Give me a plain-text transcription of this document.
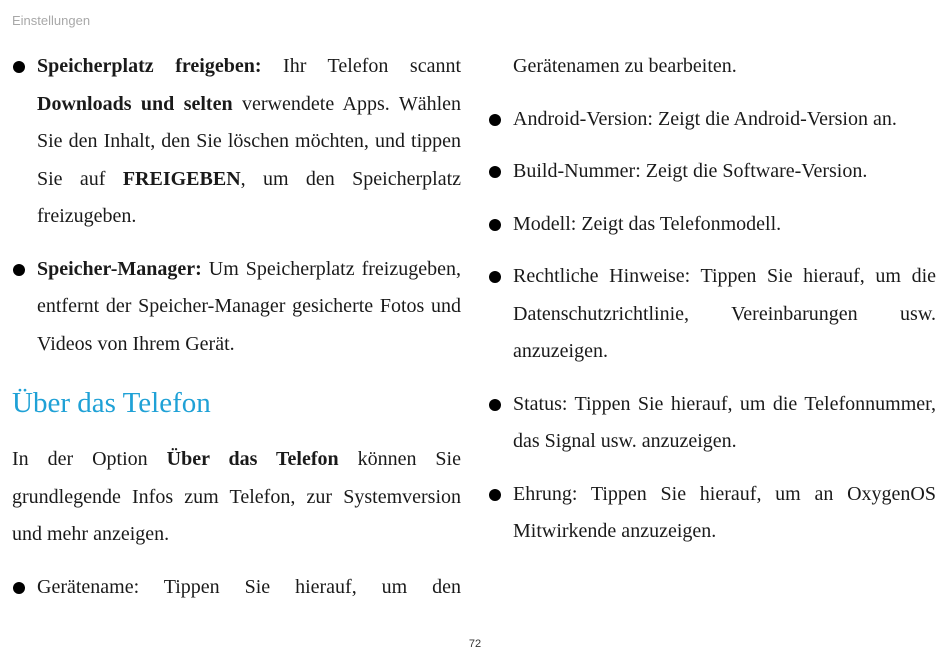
Einstellungen

Speicherplatz freigeben: Ihr Telefon scannt Downloads und selten verwendete Apps. Wählen Sie den Inhalt, den Sie löschen möchten, und tippen Sie auf FREIGEBEN, um den Speicherplatz freizugeben.

Speicher-Manager: Um Speicherplatz freizugeben, entfernt der Speicher-Manager gesicherte Fotos und Videos von Ihrem Gerät.

Über das Telefon

In der Option Über das Telefon können Sie grundlegende Infos zum Telefon, zur Systemversion und mehr anzeigen.

Gerätename: Tippen Sie hierauf, um den

Gerätenamen zu bearbeiten.

Android-Version: Zeigt die Android-Version an.

Build-Nummer: Zeigt die Software-Version.

Modell: Zeigt das Telefonmodell.

Rechtliche Hinweise: Tippen Sie hierauf, um die Datenschutzrichtlinie, Vereinbarungen usw. anzuzeigen.

Status: Tippen Sie hierauf, um die Telefonnummer, das Signal usw. anzuzeigen.

Ehrung: Tippen Sie hierauf, um an OxygenOS Mitwirkende anzuzeigen.

72
